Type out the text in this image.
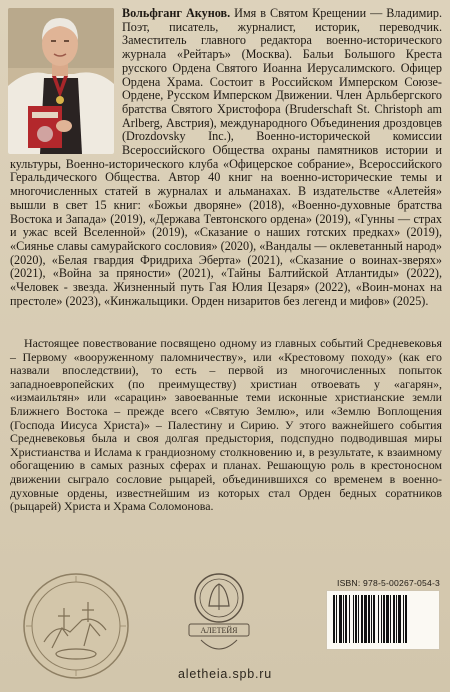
Вольфганг Акунов. Имя в Святом Крещении — Владимир. Поэт, писатель, журналист, историк, переводчик. Заместитель главного редактора военно-исторического журнала «Рейтаръ» (Москва). Бальи Большого Креста русского Ордена Святого Иоанна Иерусалимского. Офицер Ордена Храма. Состоит в Российском Имперском Союзе-Ордене, Русском Имперском Движении. Член Арльбергского братства Святого Христофора (Bruderschaft St. Christoph am Arlberg, Австрия), международного Объединения дроздовцев (Drozdovsky Inc.), Военно-исторической комиссии Всероссийского Общества охраны памятников истории и культуры, Военно-исторического клуба «Офицерское собрание», Всероссийского Геральдического Общества. Автор 40 книг на военно-исторические темы и многочисленных статей в журналах и альманахах. В издательстве «Алетейя» вышли в свет 15 книг: «Божьи дворяне» (2018), «Военно-духовные братства Востока и Запада» (2019), «Держава Тевтонского ордена» (2019), «Гунны — страх и ужас всей Вселенной» (2019), «Сказание о наших готских предках» (2019), «Сиянье славы самурайского сословия» (2020), «Вандалы — оклеветанный народ» (2020), «Белая гвардия Фридриха Эберта» (2021), «Сказание о воинах-зверях» (2021), «Война за пряности» (2021), «Тайны Балтийской Атлантиды» (2022), «Человек - звезда. Жизненный путь Гая Юлия Цезаря» (2022), «Воин-монах на престоле» (2023), «Кинжальщики. Орден низаритов без легенд и мифов» (2025).

Настоящее повествование посвящено одному из главных событий Средневековья – Первому «вооруженному паломничеству», или «Крестовому походу» (как его назвали впоследствии), то есть – первой из многочисленных попыток западноевропейских (по преимуществу) христиан отвоевать у «агарян», «измаильтян» или «сарацин» завоеванные теми исконные христианские земли Ближнего Востока – прежде всего «Святую Землю», или «Землю Воплощения (Господа Иисуса Христа)» – Палестину и Сирию. У этого важнейшего события Средневековья была и своя долгая предыстория, подспудно подводившая миры Христианства и Ислама к грандиозному столкновению и, в результате, к взаимному обогащению в самых разных сферах и планах. Решающую роль в крестоносном движении сыграло сословие рыцарей, объединившихся со временем в военно-духовные ордены, известнейшим из которых стал Орден бедных соратников (рыцарей) Христа и Храма Соломонова.

АЛЕТЕЙЯ
ISBN: 978-5-00267-054-3
aletheia.spb.ru
